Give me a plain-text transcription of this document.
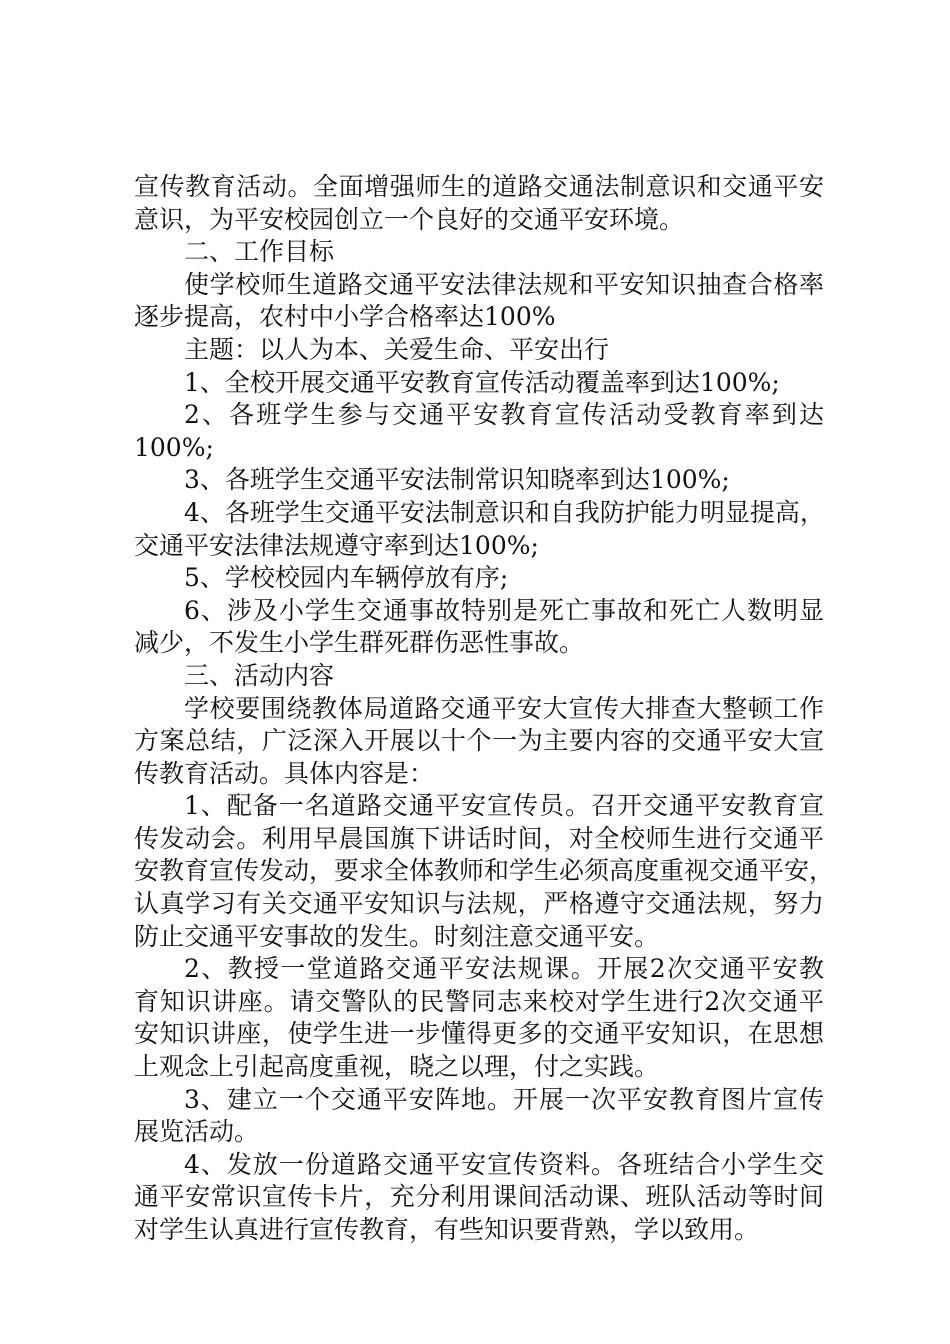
宣传教育活动。全面增强师生的道路交通法制意识和交通平安
意识，为平安校园创立一个良好的交通平安环境。
二、工作目标
使学校师生道路交通平安法律法规和平安知识抽查合格率
逐步提高，农村中小学合格率达100%
主题：以人为本、关爱生命、平安出行
1、全校开展交通平安教育宣传活动覆盖率到达100%;
2、各班学生参与交通平安教育宣传活动受教育率到达
100%;
3、各班学生交通平安法制常识知晓率到达100%;
4、各班学生交通平安法制意识和自我防护能力明显提高，
交通平安法律法规遵守率到达100%;
5、学校校园内车辆停放有序;
6、涉及小学生交通事故特别是死亡事故和死亡人数明显
减少，不发生小学生群死群伤恶性事故。
三、活动内容
学校要围绕教体局道路交通平安大宣传大排查大整顿工作
方案总结，广泛深入开展以十个一为主要内容的交通平安大宣
传教育活动。具体内容是：
1、配备一名道路交通平安宣传员。召开交通平安教育宣
传发动会。利用早晨国旗下讲话时间，对全校师生进行交通平
安教育宣传发动，要求全体教师和学生必须高度重视交通平安，
认真学习有关交通平安知识与法规，严格遵守交通法规，努力
防止交通平安事故的发生。时刻注意交通平安。
2、教授一堂道路交通平安法规课。开展2次交通平安教
育知识讲座。请交警队的民警同志来校对学生进行2次交通平
安知识讲座，使学生进一步懂得更多的交通平安知识，在思想
上观念上引起高度重视，晓之以理，付之实践。
3、建立一个交通平安阵地。开展一次平安教育图片宣传
展览活动。
4、发放一份道路交通平安宣传资料。各班结合小学生交
通平安常识宣传卡片，充分利用课间活动课、班队活动等时间
对学生认真进行宣传教育，有些知识要背熟，学以致用。
